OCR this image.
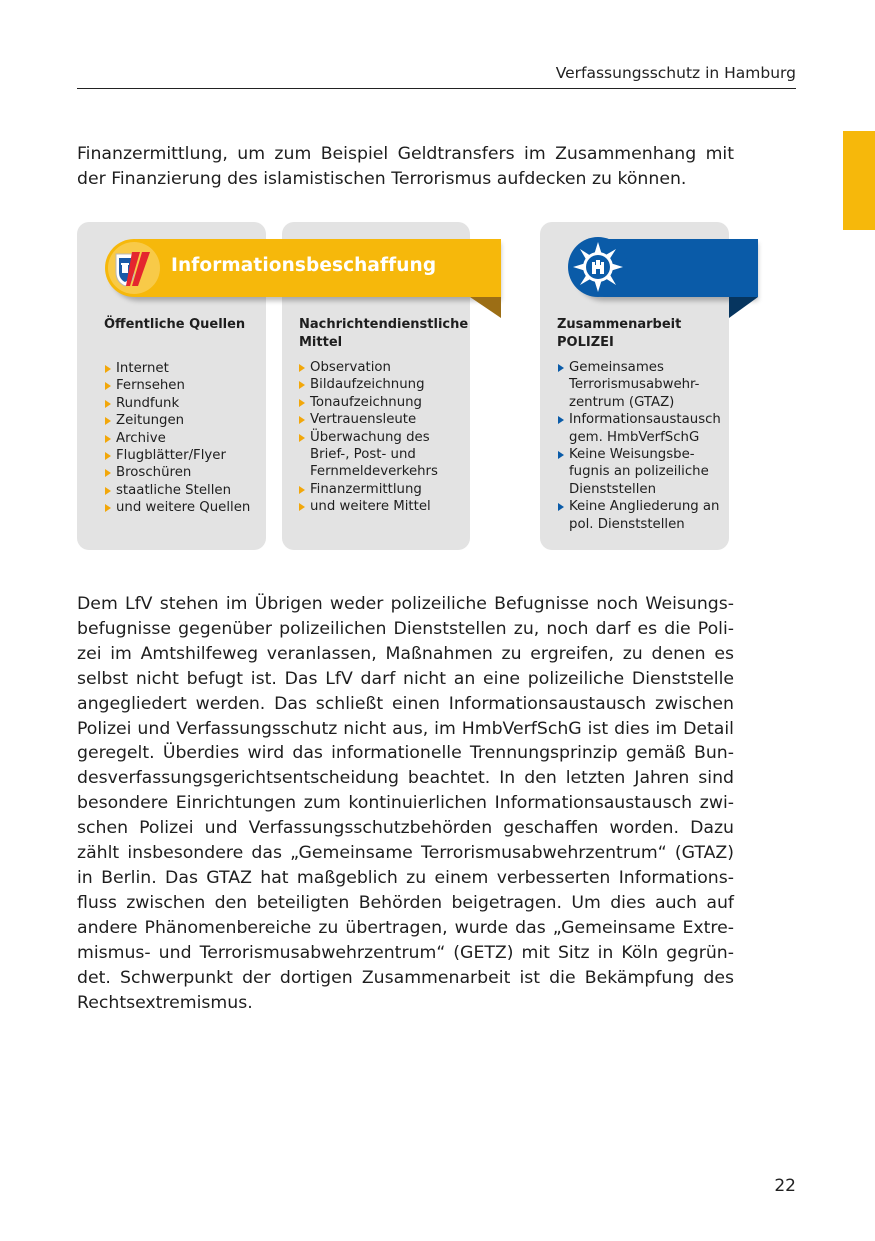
Verfassungsschutz in Hamburg

Finanzermittlung, um zum Beispiel Geldtransfers im Zusammenhang mit der Finanzierung des islamistischen Terrorismus aufdecken zu können.

Informationsbeschaffung

Öffentliche Quellen	Nachrichtendienstliche Mittel

Zusammenarbeit POLIZEI

Internet
Fernsehen
Rundfunk
Zeitungen
Archive
Flugblätter/Flyer
Broschüren
staatliche Stellen
und weitere Quellen
Observation
Bildaufzeichnung
Tonaufzeichnung
Vertrauensleute
Überwachung des Brief-, Post- und Fernmeldeverkehrs
Finanzermittlung
und weitere Mittel
Gemeinsames Terrorismusabwehr-zentrum (GTAZ)
Informationsaustausch gem. HmbVerfSchG
Keine Weisungsbe-fugnis an polizeiliche Dienststellen
Keine Angliederung an pol. Dienststellen
Dem LfV stehen im Übrigen weder polizeiliche Befugnisse noch Weisungs-
befugnisse gegenüber polizeilichen Dienststellen zu, noch darf es die Poli-
zei im Amtshilfeweg veranlassen, Maßnahmen zu ergreifen, zu denen es
selbst nicht befugt ist. Das LfV darf nicht an eine polizeiliche Dienststelle
angegliedert werden. Das schließt einen Informationsaustausch zwischen
Polizei und Verfassungsschutz nicht aus, im HmbVerfSchG ist dies im Detail
geregelt. Überdies wird das informationelle Trennungsprinzip gemäß Bun-
desverfassungsgerichtsentscheidung beachtet. In den letzten Jahren sind
besondere Einrichtungen zum kontinuierlichen Informationsaustausch zwi-
schen Polizei und Verfassungsschutzbehörden geschaffen worden. Dazu
zählt insbesondere das „Gemeinsame Terrorismusabwehrzentrum“ (GTAZ)
in Berlin. Das GTAZ hat maßgeblich zu einem verbesserten Informations-
fluss zwischen den beteiligten Behörden beigetragen. Um dies auch auf
andere Phänomenbereiche zu übertragen, wurde das „Gemeinsame Extre-
mismus- und Terrorismusabwehrzentrum“ (GETZ) mit Sitz in Köln gegrün-
det. Schwerpunkt der dortigen Zusammenarbeit ist die Bekämpfung des
Rechtsextremismus.
22
